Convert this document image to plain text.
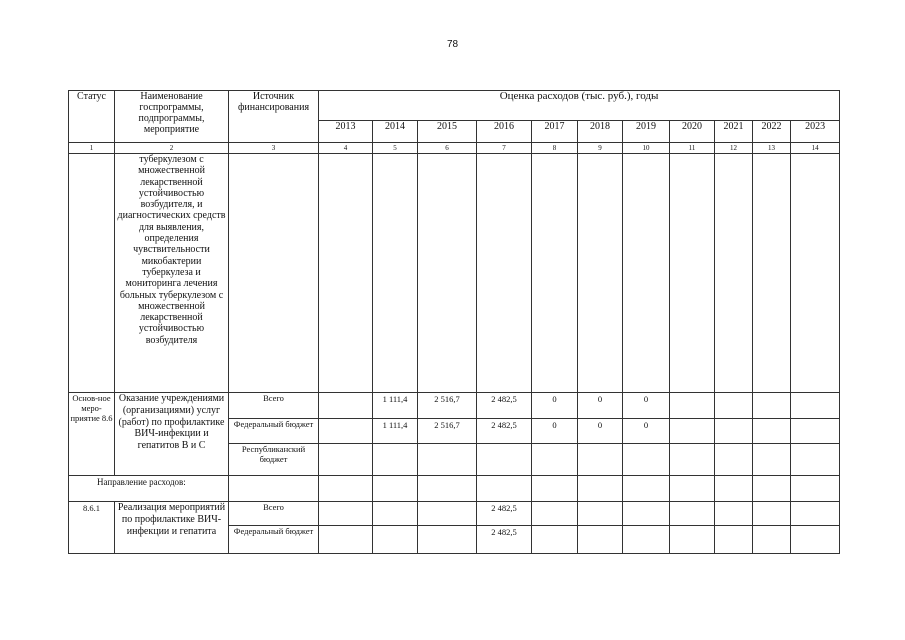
78
Статус	Наименование госпрограммы, подпрограммы, мероприятие	Источник финансирования	Оценка расходов (тыс. руб.), годы										
			2013	2014	2015	2016	2017	2018	2019	2020	2021	2022	2023
1	2	3	4	5	6	7	8	9	10	11	12	13	14
	туберкулезом с множественной лекарственной устойчивостью возбудителя, и диагностических средств для выявления, определения чувствительности микобактерии туберкулеза и мониторинга лечения больных туберкулезом с множественной лекарственной устойчивостью возбудителя												
Основ-ное меро-приятие 8.6	Оказание учреждениями (организациями) услуг (работ) по профилактике ВИЧ-инфекции и гепатитов В и С	Всего		1 111,4	2 516,7	2 482,5	0	0	0				
		Федеральный бюджет		1 111,4	2 516,7	2 482,5	0	0	0				
		Республиканский бюджет											
Направление расходов:													
8.6.1	Реализация мероприятий по профилактике ВИЧ-инфекции и гепатита	Всего				2 482,5							
		Федеральный бюджет				2 482,5							
